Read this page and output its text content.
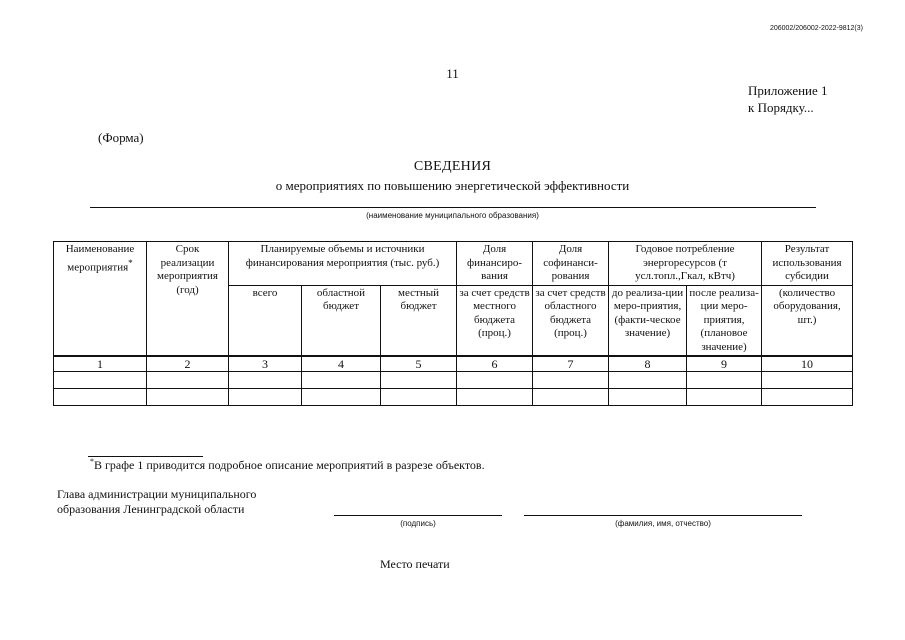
206002/206002-2022-9812(3)
11
Приложение 1
к Порядку...
(Форма)
СВЕДЕНИЯ
о мероприятиях по повышению энергетической эффективности
(наименование муниципального образования)
Наименование мероприятия*	Срок реализации мероприятия (год)	Планируемые объемы и источники финансирования мероприятия (тыс. руб.)			Доля финансиро-вания	Доля софинанси-рования	Годовое потребление энергоресурсов (т усл.топл.,Гкал, кВтч)		Результат использования субсидии
		всего	областной бюджет	местный бюджет	за счет средств местного бюджета (проц.)	за счет средств областного бюджета (проц.)	до реализа-ции меро-приятия, (факти-ческое значение)	после реализа-ции меро-приятия, (плановое значение)	(количество оборудования, шт.)
1	2	3	4	5	6	7	8	9	10

*В графе 1 приводится подробное описание мероприятий в разрезе объектов.
Глава администрации муниципального
образования Ленинградской области
(подпись)	(фамилия, имя, отчество)
Место печати
